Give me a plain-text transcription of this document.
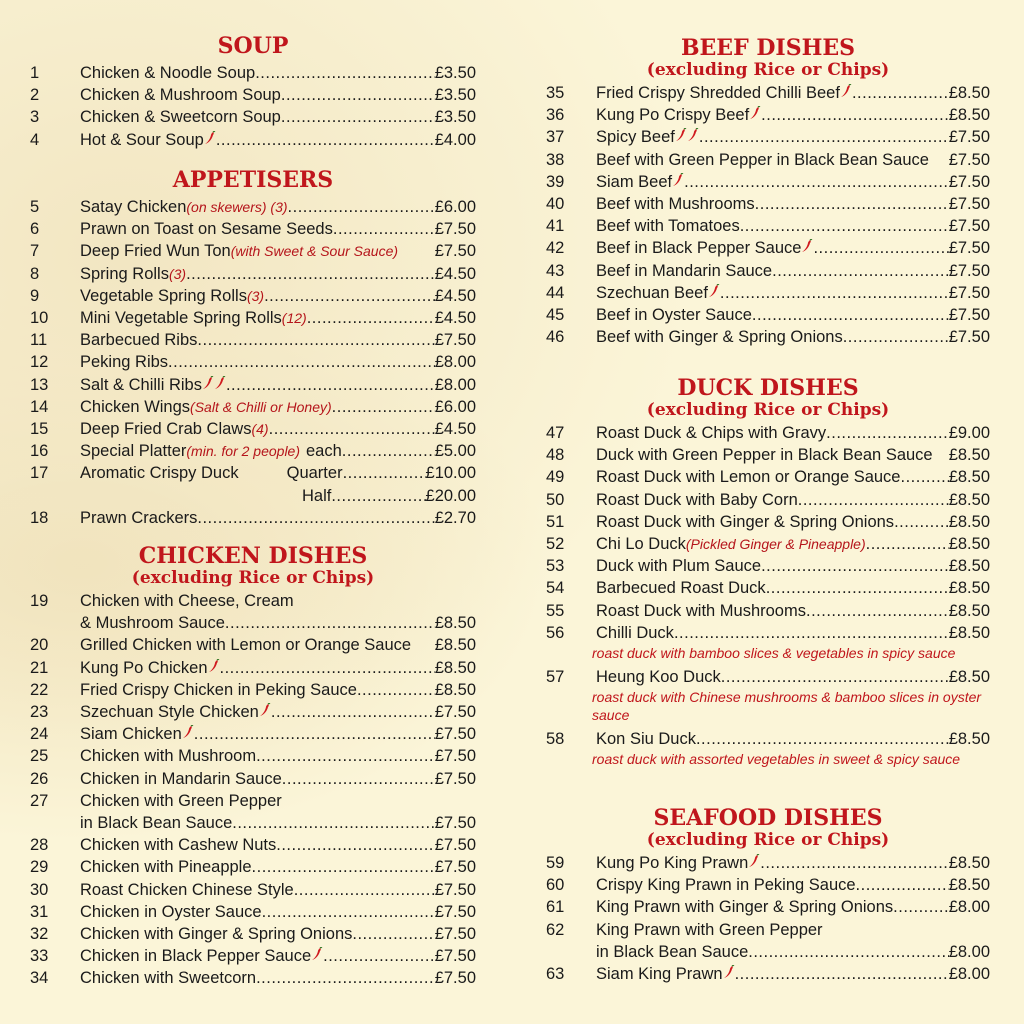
SOUP
1	Chicken & Noodle Soup .....	£3.50
2	Chicken & Mushroom Soup .....	£3.50
3	Chicken & Sweetcorn Soup .....	£3.50
4	Hot & Sour Soup .....	£4.00
APPETISERS
5	Satay Chicken (on skewers) (3) .....	£6.00
6	Prawn on Toast on Sesame Seeds .....	£7.50
7	Deep Fried Wun Ton (with Sweet & Sour Sauce) £7.50
8	Spring Rolls (3) .....	£4.50
9	Vegetable Spring Rolls (3) .....	£4.50
10	Mini Vegetable Spring Rolls (12) .....	£4.50
11	Barbecued Ribs .....	£7.50
12	Peking Ribs .....	£8.00
13	Salt & Chilli Ribs .....	£8.00
14	Chicken Wings (Salt & Chilli or Honey) .....	£6.00
15	Deep Fried Crab Claws (4) .....	£4.50
16	Special Platter (min. for 2 people) each .....	£5.00
17	Aromatic Crispy Duck	Quarter .....	£10.00
Half .....	£20.00
18	Prawn Crackers .....	£2.70
CHICKEN DISHES
(excluding Rice or Chips)
19	Chicken with Cheese, Cream
& Mushroom Sauce .....	£8.50
20	Grilled Chicken with Lemon or Orange Sauce £8.50
21	Kung Po Chicken .....	£8.50
22	Fried Crispy Chicken in Peking Sauce .....	£8.50
23	Szechuan Style Chicken .....	£7.50
24	Siam Chicken .....	£7.50
25	Chicken with Mushroom .....	£7.50
26	Chicken in Mandarin Sauce .....	£7.50
27	Chicken with Green Pepper
in Black Bean Sauce .....	£7.50
28	Chicken with Cashew Nuts .....	£7.50
29	Chicken with Pineapple .....	£7.50
30	Roast Chicken Chinese Style .....	£7.50
31	Chicken in Oyster Sauce .....	£7.50
32	Chicken with Ginger & Spring Onions .....	£7.50
33	Chicken in Black Pepper Sauce .....	£7.50
34	Chicken with Sweetcorn .....	£7.50
BEEF DISHES
(excluding Rice or Chips)
35	Fried Crispy Shredded Chilli Beef .....	£8.50
36	Kung Po Crispy Beef .....	£8.50
37	Spicy Beef .....	£7.50
38	Beef with Green Pepper in Black Bean Sauce £7.50
39	Siam Beef .....	£7.50
40	Beef with Mushrooms .....	£7.50
41	Beef with Tomatoes .....	£7.50
42	Beef in Black Pepper Sauce .....	£7.50
43	Beef in Mandarin Sauce .....	£7.50
44	Szechuan Beef .....	£7.50
45	Beef in Oyster Sauce .....	£7.50
46	Beef with Ginger & Spring Onions .....	£7.50
DUCK DISHES
(excluding Rice or Chips)
47	Roast Duck & Chips with Gravy .....	£9.00
48	Duck with Green Pepper in Black Bean Sauce £8.50
49	Roast Duck with Lemon or Orange Sauce .....	£8.50
50	Roast Duck with Baby Corn .....	£8.50
51	Roast Duck with Ginger & Spring Onions .....	£8.50
52	Chi Lo Duck (Pickled Ginger & Pineapple) .....	£8.50
53	Duck with Plum Sauce .....	£8.50
54	Barbecued Roast Duck .....	£8.50
55	Roast Duck with Mushrooms .....	£8.50
56	Chilli Duck .....	£8.50
roast duck with bamboo slices & vegetables in spicy sauce
57	Heung Koo Duck .....	£8.50
roast duck with Chinese mushrooms & bamboo slices in oyster sauce
58	Kon Siu Duck .....	£8.50
roast duck with assorted vegetables in sweet & spicy sauce
SEAFOOD DISHES
(excluding Rice or Chips)
59	Kung Po King Prawn .....	£8.50
60	Crispy King Prawn in Peking Sauce .....	£8.50
61	King Prawn with Ginger & Spring Onions .....	£8.00
62	King Prawn with Green Pepper
in Black Bean Sauce .....	£8.00
63	Siam King Prawn .....	£8.00
